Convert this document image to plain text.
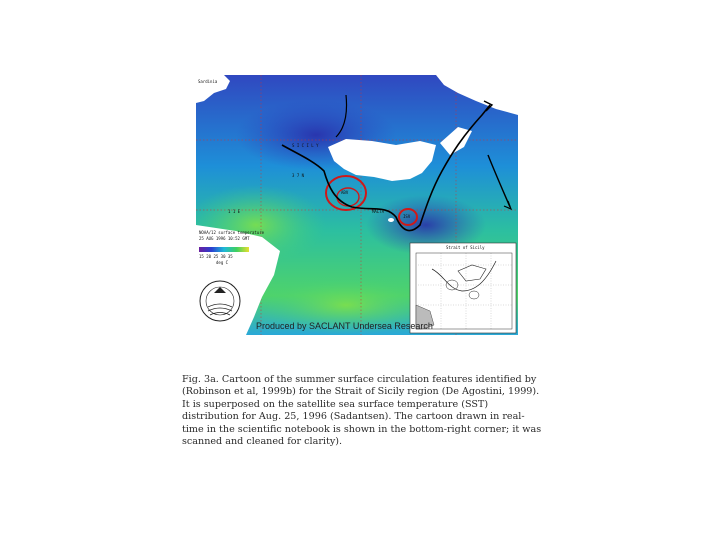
NOAA/12 surface temperature
25 AUG 1996 10:52 GMT
15 20 25 30 35
deg C
Sardinia
S I C I L Y
1 1 E
3 7 N
MALTA
ABV
ISV
Strait of Sicily
Produced by SACLANT Undersea Research

Fig. 3a. Cartoon of the summer surface circulation features identified by (Robinson et al, 1999b) for the Strait of Sicily region (De Agostini, 1999). It is superposed on the satellite sea surface temperature (SST) distribution for Aug. 25, 1996 (Sadantsen). The cartoon drawn in real-time in the scientific notebook is shown in the bottom-right corner; it was scanned and cleaned for clarity).
